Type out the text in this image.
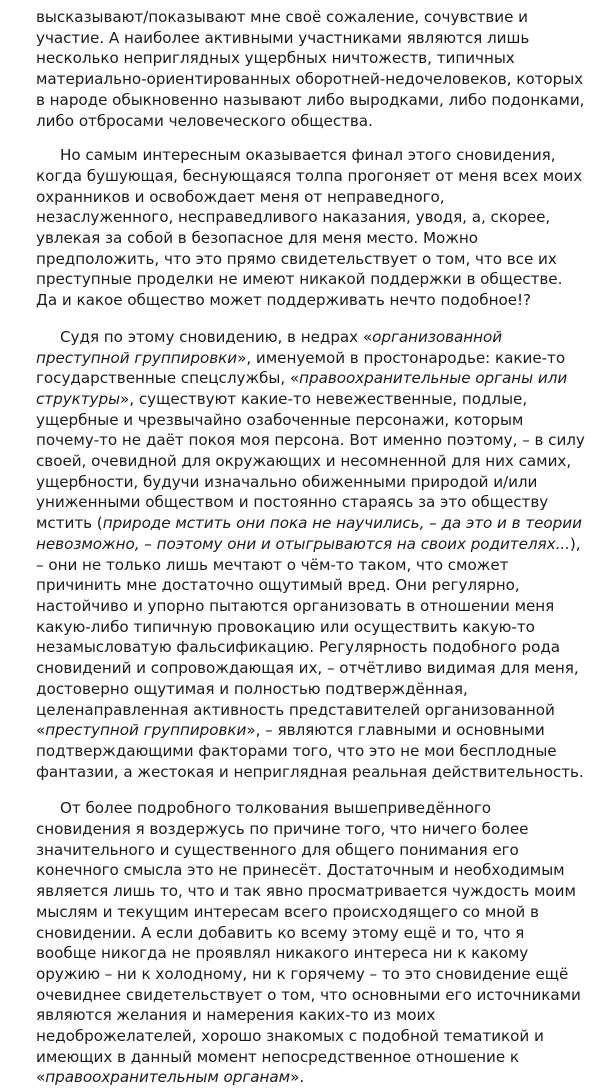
высказывают/показывают мне своё сожаление, сочувствие и участие. А наиболее активными участниками являются лишь несколько неприглядных ущербных ничтожеств, типичных материально-ориентированных оборотней-недочеловеков, которых в народе обыкновенно называют либо выродками, либо подонками, либо отбросами человеческого общества.

Но самым интересным оказывается финал этого сновидения, когда бушующая, беснующаяся толпа прогоняет от меня всех моих охранников и освобождает меня от неправедного, незаслуженного, несправедливого наказания, уводя, а, скорее, увлекая за собой в безопасное для меня место. Можно предположить, что это прямо свидетельствует о том, что все их преступные проделки не имеют никакой поддержки в обществе. Да и какое общество может поддерживать нечто подобное!?

Судя по этому сновидению, в недрах «организованной преступной группировки», именуемой в простонародье: какие-то государственные спецслужбы, «правоохранительные органы или структуры», существуют какие-то невежественные, подлые, ущербные и чрезвычайно озабоченные персонажи, которым почему-то не даёт покоя моя персона. Вот именно поэтому, – в силу своей, очевидной для окружающих и несомненной для них самих, ущербности, будучи изначально обиженными природой и/или униженными обществом и постоянно стараясь за это обществу мстить (природе мстить они пока не научились, – да это и в теории невозможно, – поэтому они и отыгрываются на своих родителях...), – они не только лишь мечтают о чём-то таком, что сможет причинить мне достаточно ощутимый вред. Они регулярно, настойчиво и упорно пытаются организовать в отношении меня какую-либо типичную провокацию или осуществить какую-то незамысловатую фальсификацию. Регулярность подобного рода сновидений и сопровождающая их, – отчётливо видимая для меня, достоверно ощутимая и полностью подтверждённая, целенаправленная активность представителей организованной «преступной группировки», – являются главными и основными подтверждающими факторами того, что это не мои бесплодные фантазии, а жестокая и неприглядная реальная действительность.

От более подробного толкования вышеприведённого сновидения я воздержусь по причине того, что ничего более значительного и существенного для общего понимания его конечного смысла это не принесёт. Достаточным и необходимым является лишь то, что и так явно просматривается чуждость моим мыслям и текущим интересам всего происходящего со мной в сновидении. А если добавить ко всему этому ещё и то, что я вообще никогда не проявлял никакого интереса ни к какому оружию – ни к холодному, ни к горячему – то это сновидение ещё очевиднее свидетельствует о том, что основными его источниками являются желания и намерения каких-то из моих недоброжелателей, хорошо знакомых с подобной тематикой и имеющих в данный момент непосредственное отношение к «правоохранительным органам».
